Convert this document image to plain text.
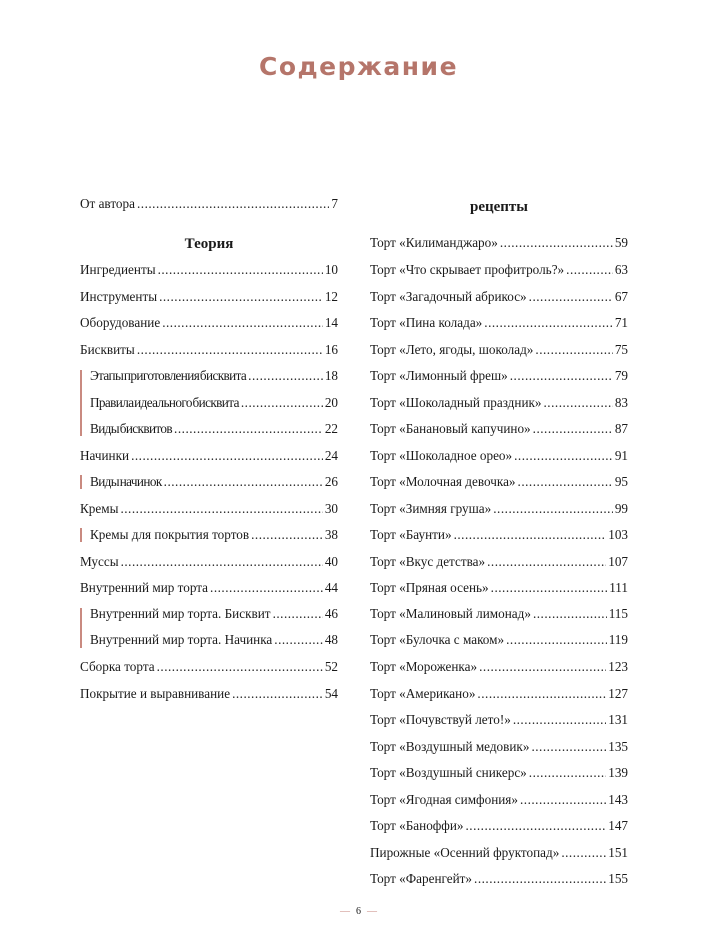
Содержание
От автора .....	7
Теория
Ингредиенты .....	10
Инструменты .....	12
Оборудование .....	14
Бисквиты .....	16
Этапы приготовления бисквита .....	18
Правила идеального бисквита .....	20
Виды бисквитов .....	22
Начинки .....	24
Виды начинок .....	26
Кремы .....	30
Кремы для покрытия тортов .....	38
Муссы .....	40
Внутренний мир торта .....	44
Внутренний мир торта. Бисквит .....	46
Внутренний мир торта. Начинка .....	48
Сборка торта .....	52
Покрытие и выравнивание .....	54
рецепты
Торт «Килиманджаро» .....	59
Торт «Что скрывает профитроль?» .....	63
Торт «Загадочный абрикос» .....	67
Торт «Пина колада» .....	71
Торт «Лето, ягоды, шоколад» .....	75
Торт «Лимонный фреш» .....	79
Торт «Шоколадный праздник» .....	83
Торт «Банановый капучино» .....	87
Торт «Шоколадное орео» .....	91
Торт «Молочная девочка» .....	95
Торт «Зимняя груша» .....	99
Торт «Баунти» .....	103
Торт «Вкус детства» .....	107
Торт «Пряная осень» .....	111
Торт «Малиновый лимонад» .....	115
Торт «Булочка с маком» .....	119
Торт «Мороженка» .....	123
Торт «Американо» .....	127
Торт «Почувствуй лето!» .....	131
Торт «Воздушный медовик» .....	135
Торт «Воздушный сникерс» .....	139
Торт «Ягодная симфония» .....	143
Торт «Баноффи» .....	147
Пирожные «Осенний фруктопад» .....	151
Торт «Фаренгейт» .....	155
— 6 —
